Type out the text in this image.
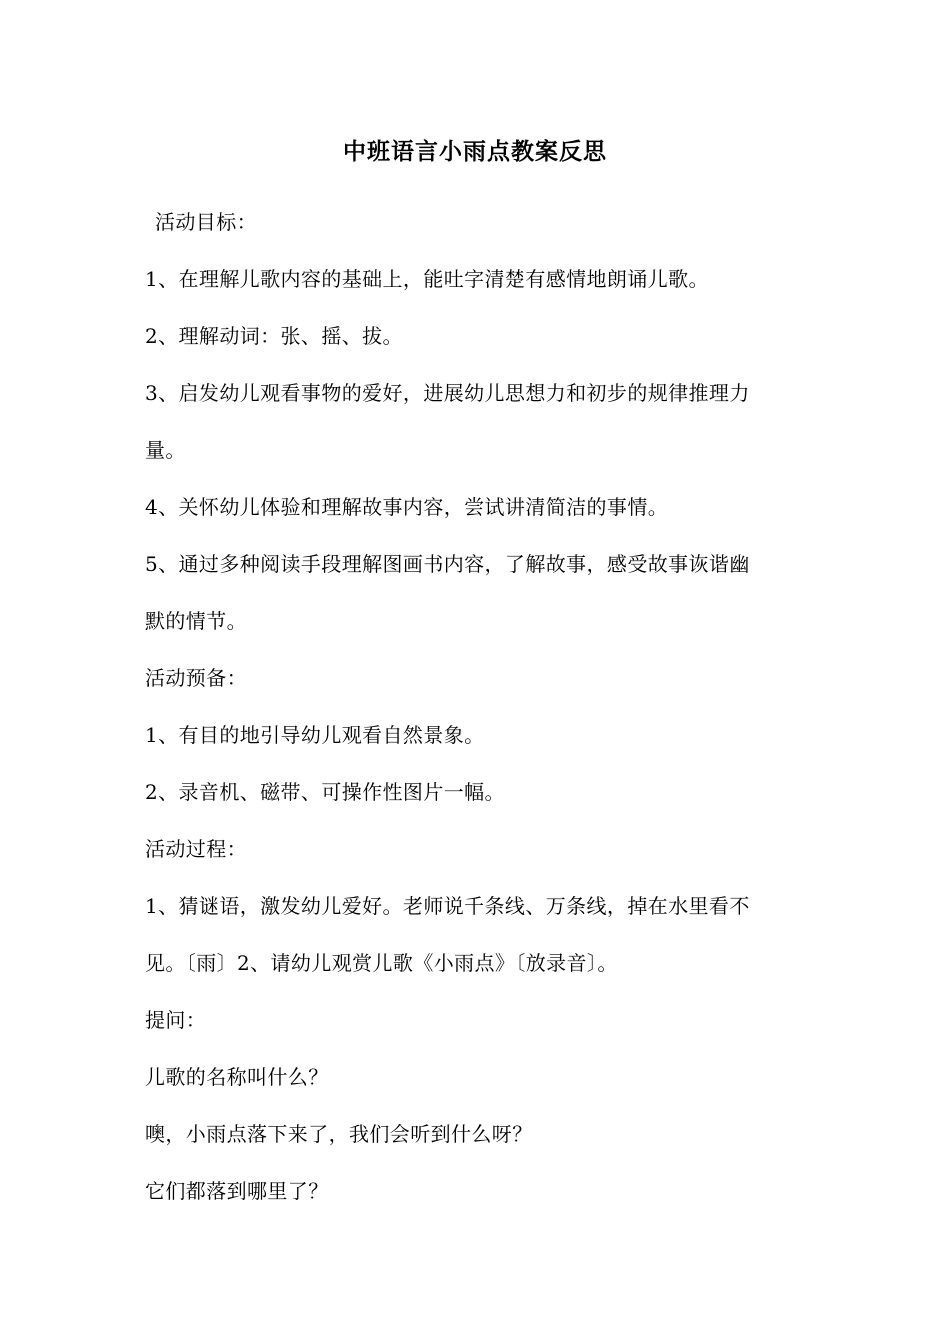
中班语言小雨点教案反思
活动目标：
1、在理解儿歌内容的基础上，能吐字清楚有感情地朗诵儿歌。
2、理解动词：张、摇、拔。
3、启发幼儿观看事物的爱好，进展幼儿思想力和初步的规律推理力
量。
4、关怀幼儿体验和理解故事内容，尝试讲清简洁的事情。
5、通过多种阅读手段理解图画书内容，了解故事，感受故事诙谐幽
默的情节。
活动预备：
1、有目的地引导幼儿观看自然景象。
2、录音机、磁带、可操作性图片一幅。
活动过程：
1、猜谜语，激发幼儿爱好。老师说千条线、万条线，掉在水里看不
见。〔雨〕2、请幼儿观赏儿歌《小雨点》〔放录音〕。
提问：
儿歌的名称叫什么？
噢，小雨点落下来了，我们会听到什么呀？
它们都落到哪里了？
